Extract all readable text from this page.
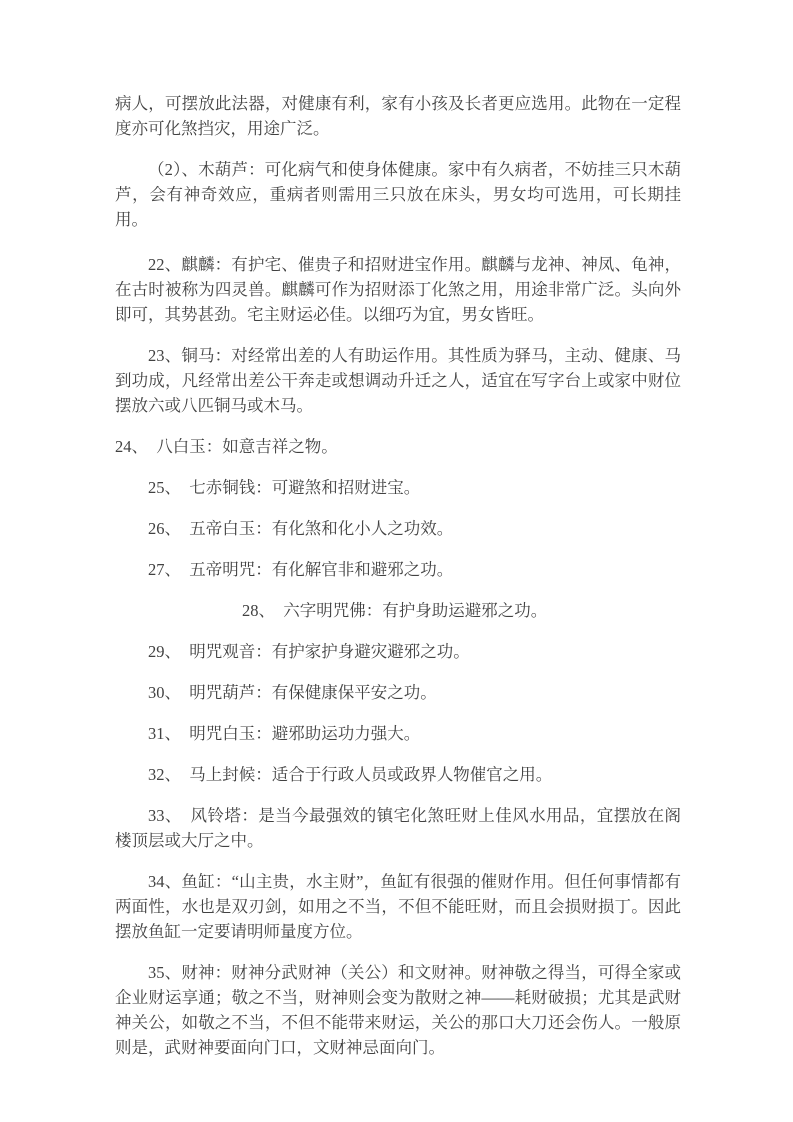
病人，可摆放此法器，对健康有利，家有小孩及长者更应选用。此物在一定程度亦可化煞挡灾，用途广泛。

（2）、木葫芦：可化病气和使身体健康。家中有久病者，不妨挂三只木葫芦，会有神奇效应，重病者则需用三只放在床头，男女均可选用，可长期挂用。

22、麒麟：有护宅、催贵子和招财进宝作用。麒麟与龙神、神凤、龟神，在古时被称为四灵兽。麒麟可作为招财添丁化煞之用，用途非常广泛。头向外即可，其势甚劲。宅主财运必佳。以细巧为宜，男女皆旺。

23、铜马：对经常出差的人有助运作用。其性质为驿马，主动、健康、马到功成，凡经常出差公干奔走或想调动升迁之人，适宜在写字台上或家中财位摆放六或八匹铜马或木马。

24、　八白玉：如意吉祥之物。

25、　七赤铜钱：可避煞和招财进宝。

26、　五帝白玉：有化煞和化小人之功效。

27、　五帝明咒：有化解官非和避邪之功。

28、　六字明咒佛：有护身助运避邪之功。

29、　明咒观音：有护家护身避灾避邪之功。

30、　明咒葫芦：有保健康保平安之功。

31、　明咒白玉：避邪助运功力强大。

32、　马上封候：适合于行政人员或政界人物催官之用。

33、　风铃塔：是当今最强效的镇宅化煞旺财上佳风水用品，宜摆放在阁楼顶层或大厅之中。

34、鱼缸：“山主贵，水主财”，鱼缸有很强的催财作用。但任何事情都有两面性，水也是双刃剑，如用之不当，不但不能旺财，而且会损财损丁。因此摆放鱼缸一定要请明师量度方位。

35、财神：财神分武财神（关公）和文财神。财神敬之得当，可得全家或企业财运享通；敬之不当，财神则会变为散财之神——耗财破损；尤其是武财神关公，如敬之不当，不但不能带来财运，关公的那口大刀还会伤人。一般原则是，武财神要面向门口，文财神忌面向门。
